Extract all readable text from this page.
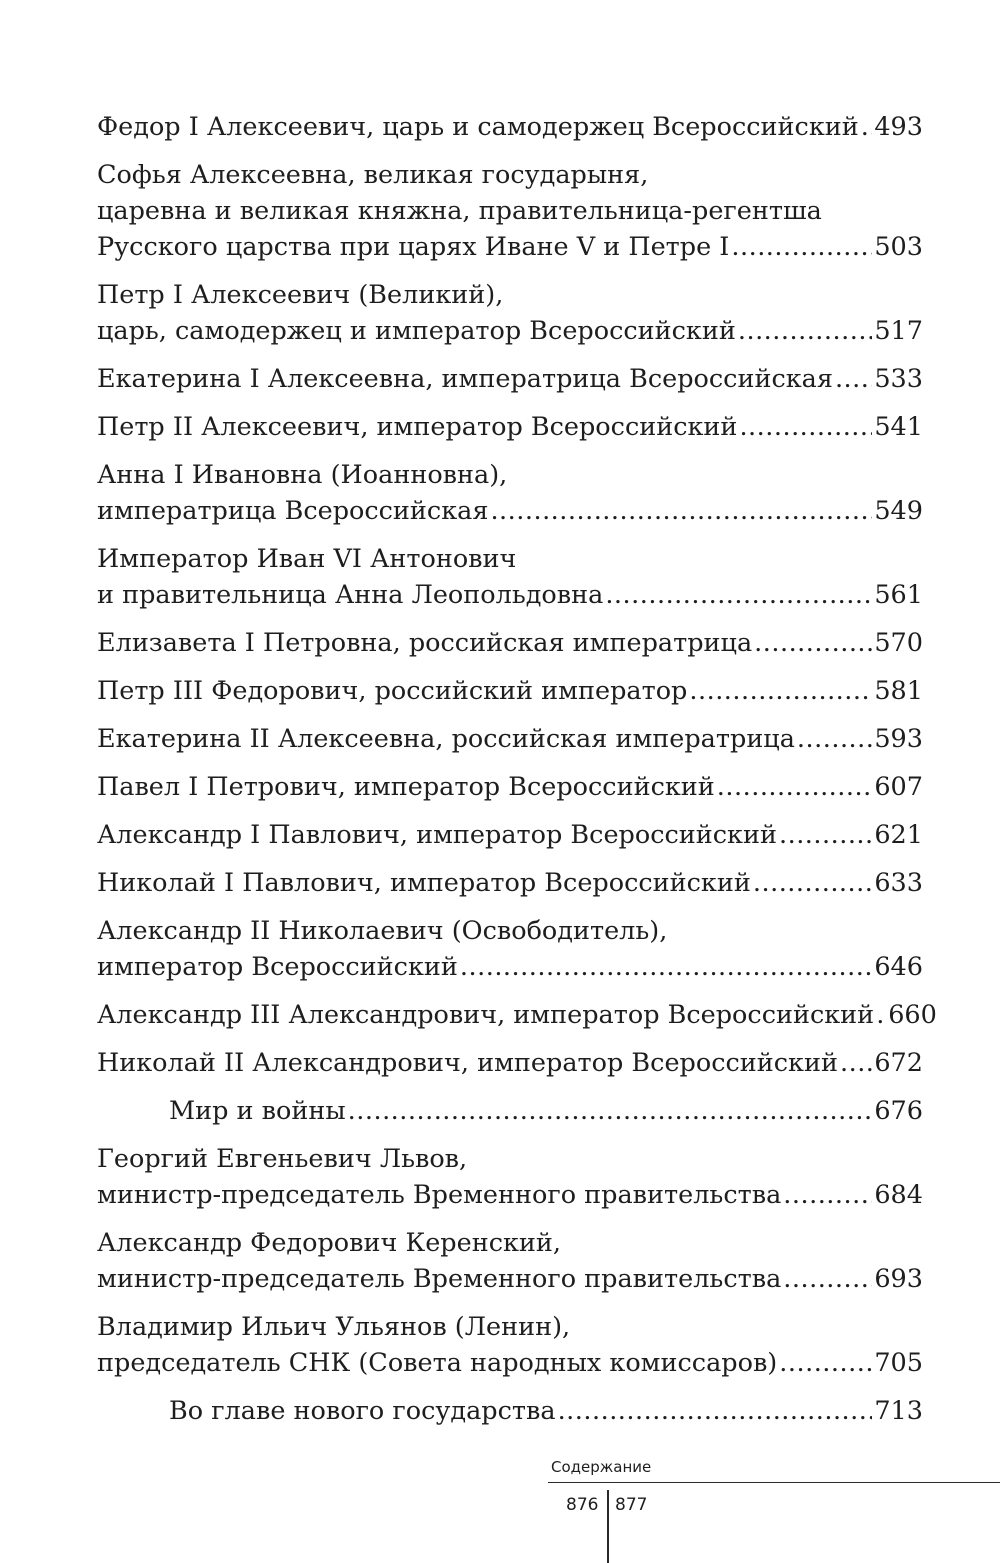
Федор I Алексеевич, царь и самодержец Всероссийский ..... 493
Софья Алексеевна, великая государыня,
царевна и великая княжна, правительница-регентша
Русского царства при царях Иване V и Петре I .....	503
Петр I Алексеевич (Великий),
царь, самодержец и император Всероссийский .....	517
Екатерина I Алексеевна, императрица Всероссийская ..... 533
Петр II Алексеевич, император Всероссийский .....	541
Анна I Ивановна (Иоанновна),
императрица Всероссийская .....	549
Император Иван VI Антонович
и правительница Анна Леопольдовна .....	561
Елизавета I Петровна, российская императрица .....	570
Петр III Федорович, российский император .....	581
Екатерина II Алексеевна, российская императрица .....	593
Павел I Петрович, император Всероссийский .....	607
Александр I Павлович, император Всероссийский .....	621
Николай I Павлович, император Всероссийский .....	633
Александр II Николаевич (Освободитель),
император Всероссийский .....	646
Александр III Александрович, император Всероссийский ..... 660
Николай II Александрович, император Всероссийский ..... 672
Мир и войны .....	676
Георгий Евгеньевич Львов,
министр-председатель Временного правительства .....	684
Александр Федорович Керенский,
министр-председатель Временного правительства .....	693
Владимир Ильич Ульянов (Ленин),
председатель СНК (Совета народных комиссаров) .....	705
Во главе нового государства .....	713
Содержание
876 877
